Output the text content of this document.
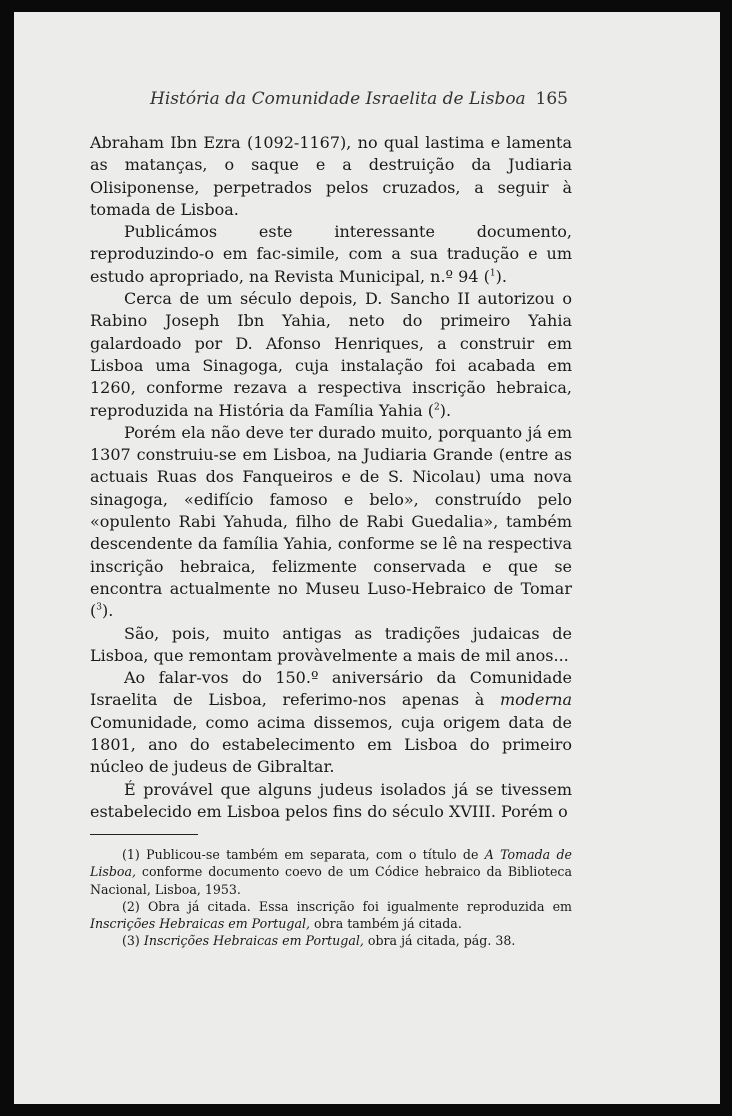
História da Comunidade Israelita de Lisboa 165

Abraham Ibn Ezra (1092-1167), no qual lastima e lamenta as matanças, o saque e a destruição da Judiaria Olisiponense, perpetrados pelos cruzados, a seguir à tomada de Lisboa.

Publicámos este interessante documento, reproduzindo-o em fac-simile, com a sua tradução e um estudo apropriado, na Revista Municipal, n.º 94 ($^1$).

Cerca de um século depois, D. Sancho II autorizou o Rabino Joseph Ibn Yahia, neto do primeiro Yahia galardoado por D. Afonso Henriques, a construir em Lisboa uma Sinagoga, cuja instalação foi acabada em 1260, conforme rezava a respectiva inscrição hebraica, reproduzida na História da Família Yahia ($^2$).

Porém ela não deve ter durado muito, porquanto já em 1307 construiu-se em Lisboa, na Judiaria Grande (entre as actuais Ruas dos Fanqueiros e de S. Nicolau) uma nova sinagoga, «edifício famoso e belo», construído pelo «opulento Rabi Yahuda, filho de Rabi Guedalia», também descendente da família Yahia, conforme se lê na respectiva inscrição hebraica, felizmente conservada e que se encontra actualmente no Museu Luso-Hebraico de Tomar ($^3$).

São, pois, muito antigas as tradições judaicas de Lisboa, que remontam provàvelmente a mais de mil anos...

Ao falar-vos do 150.º aniversário da Comunidade Israelita de Lisboa, referimo-nos apenas à moderna Comunidade, como acima dissemos, cuja origem data de 1801, ano do estabelecimento em Lisboa do primeiro núcleo de judeus de Gibraltar.

É provável que alguns judeus isolados já se tivessem estabelecido em Lisboa pelos fins do século XVIII. Porém o

(1) Publicou-se também em separata, com o título de A Tomada de Lisboa, conforme documento coevo de um Códice hebraico da Biblioteca Nacional, Lisboa, 1953.

(2) Obra já citada. Essa inscrição foi igualmente reproduzida em Inscrições Hebraicas em Portugal, obra também já citada.

(3) Inscrições Hebraicas em Portugal, obra já citada, pág. 38.
